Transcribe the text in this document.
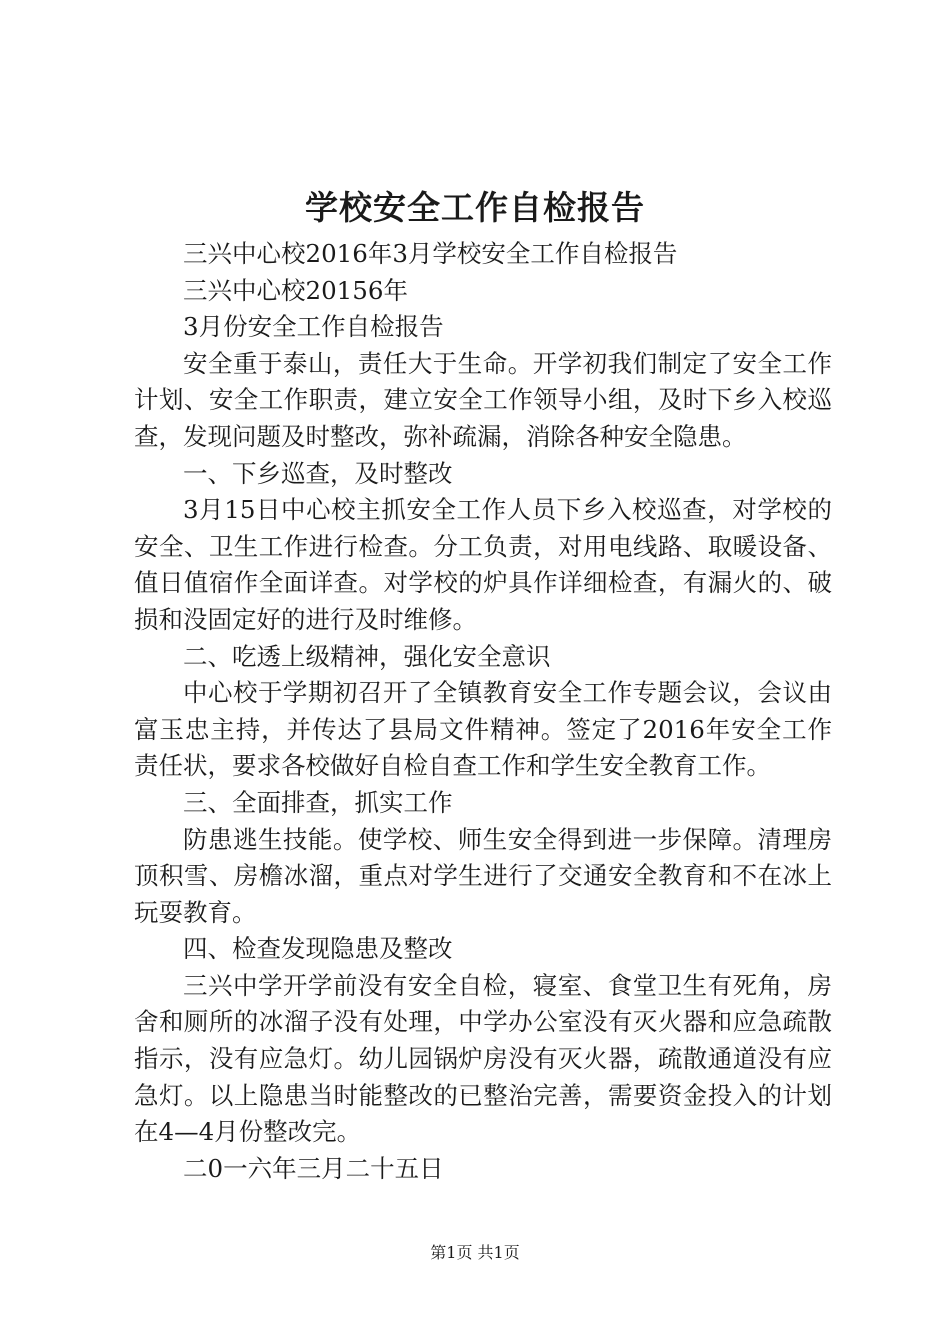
学校安全工作自检报告

三兴中心校2016年3月学校安全工作自检报告

三兴中心校20156年

3月份安全工作自检报告

安全重于泰山，责任大于生命。开学初我们制定了安全工作计划、安全工作职责，建立安全工作领导小组，及时下乡入校巡查，发现问题及时整改，弥补疏漏，消除各种安全隐患。

一、下乡巡查，及时整改

3月15日中心校主抓安全工作人员下乡入校巡查，对学校的安全、卫生工作进行检查。分工负责，对用电线路、取暖设备、值日值宿作全面详查。对学校的炉具作详细检查，有漏火的、破损和没固定好的进行及时维修。

二、吃透上级精神，强化安全意识

中心校于学期初召开了全镇教育安全工作专题会议，会议由富玉忠主持，并传达了县局文件精神。签定了2016年安全工作责任状，要求各校做好自检自查工作和学生安全教育工作。

三、全面排查，抓实工作

防患逃生技能。使学校、师生安全得到进一步保障。清理房顶积雪、房檐冰溜，重点对学生进行了交通安全教育和不在冰上玩耍教育。

四、检查发现隐患及整改

三兴中学开学前没有安全自检，寝室、食堂卫生有死角，房舍和厕所的冰溜子没有处理，中学办公室没有灭火器和应急疏散指示，没有应急灯。幼儿园锅炉房没有灭火器，疏散通道没有应急灯。以上隐患当时能整改的已整治完善，需要资金投入的计划在4—4月份整改完。

二0一六年三月二十五日

第1页 共1页
